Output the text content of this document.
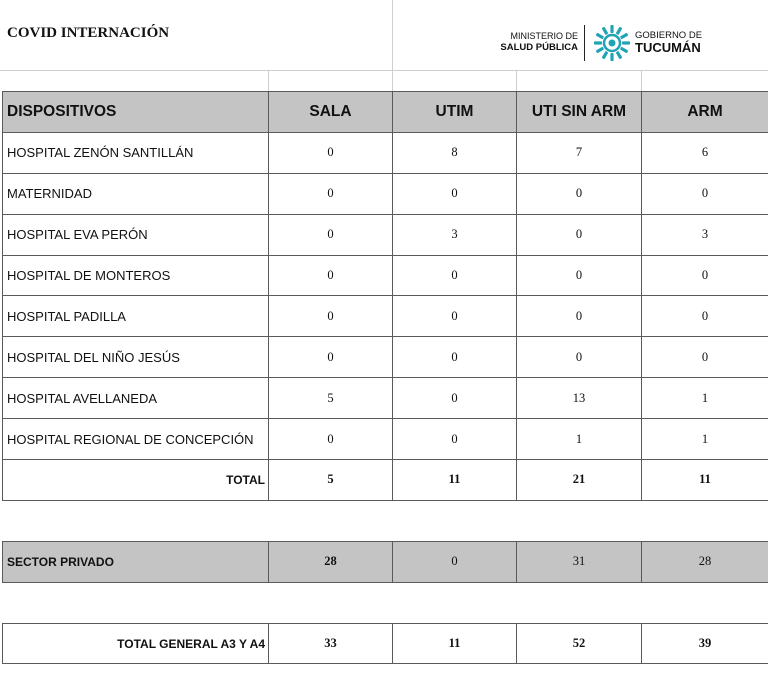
COVID INTERNACIÓN	MINISTERIO DE
SALUD PÚBLICA
GOBIERNO DE
TUCUMÁN
DISPOSITIVOS	SALA	UTIM	UTI SIN ARM	ARM
HOSPITAL ZENÓN SANTILLÁN	0	8	7	6
MATERNIDAD	0	0	0	0
HOSPITAL EVA PERÓN	0	3	0	3
HOSPITAL DE MONTEROS	0	0	0	0
HOSPITAL PADILLA	0	0	0	0
HOSPITAL DEL NIÑO JESÚS	0	0	0	0
HOSPITAL AVELLANEDA	5	0	13	1
HOSPITAL REGIONAL DE CONCEPCIÓN	0	0	1	1
TOTAL	5	11	21	11

SECTOR PRIVADO	28	0	31	28

TOTAL GENERAL A3 Y A4	33	11	52	39
